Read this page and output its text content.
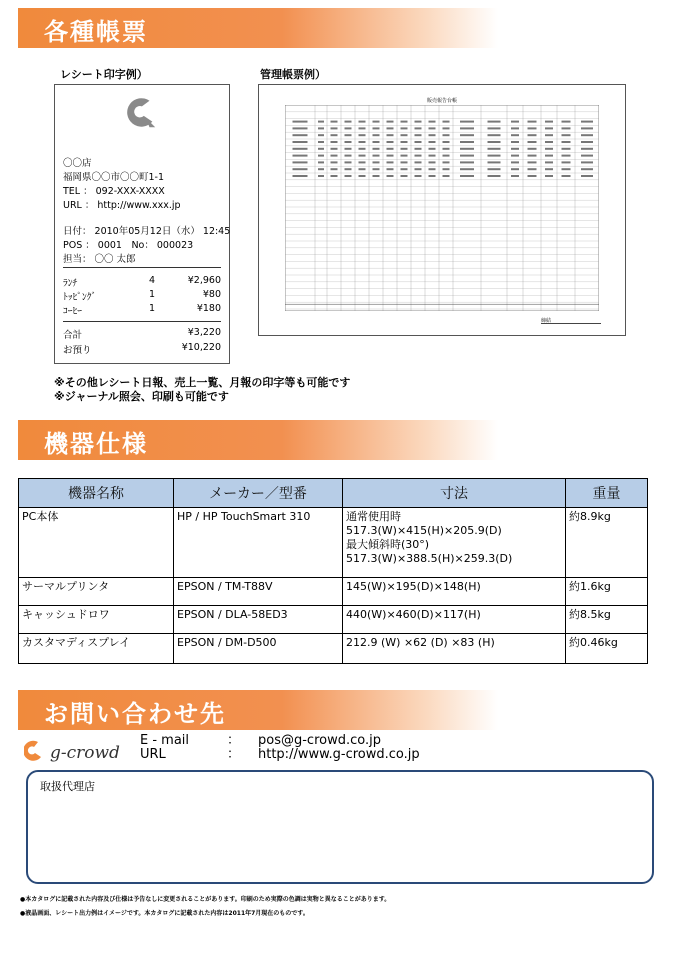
各種帳票
レシート印字例）	管理帳票例）
〇〇店
福岡県〇〇市〇〇町1-1
TEL ： 092-XXX-XXXX
URL ： http://www.xxx.jp
日付： 2010年05月12日（水） 12:45
POS ： 0001　No： 000023
担当： 〇〇 太郎
ﾗﾝﾁ	4	¥2,960
ﾄｯﾋﾟﾝｸﾞ	1	¥80
ｺｰﾋｰ	1	¥180
合計	¥3,220
お預り	¥10,220
販売報告台帳
締結
※その他レシート日報、売上一覧、月報の印字等も可能です
※ジャーナル照会、印刷も可能です
機器仕様
機器名称	メーカー／型番	寸法	重量
PC本体	HP / HP TouchSmart 310	通常使用時
517.3(W)×415(H)×205.9(D)
最大傾斜時(30°)
517.3(W)×388.5(H)×259.3(D)	約8.9kg
サーマルプリンタ	EPSON / TM-T88V	145(W)×195(D)×148(H)	約1.6kg
キャッシュドロワ	EPSON / DLA-58ED3	440(W)×460(D)×117(H)	約8.5kg
カスタマディスプレイ	EPSON / DM-D500	212.9 (W) ×62 (D) ×83 (H)	約0.46kg
お問い合わせ先
g-crowd
E - mail	： pos@g-crowd.co.jp
URL	： http://www.g-crowd.co.jp
取扱代理店
●本カタログに記載された内容及び仕様は予告なしに変更されることがあります。印刷のため実際の色調は実物と異なることがあります。
●液晶画面、レシート出力例はイメージです。本カタログに記載された内容は2011年7月現在のものです。
